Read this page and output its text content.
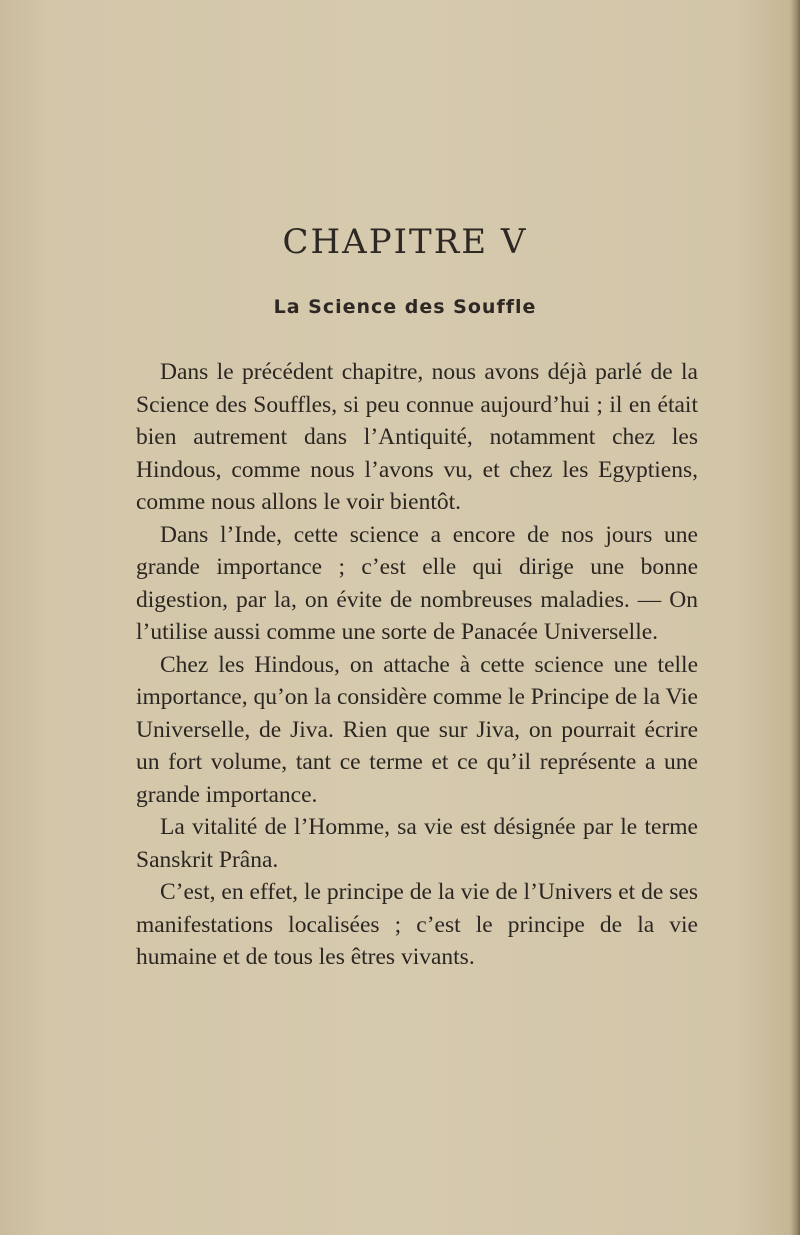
CHAPITRE V
La Science des Souffle

Dans le précédent chapitre, nous avons déjà parlé de la Science des Souffles, si peu connue aujourd’hui ; il en était bien autrement dans l’Antiquité, notamment chez les Hindous, comme nous l’avons vu, et chez les Egyptiens, comme nous allons le voir bientôt.

Dans l’Inde, cette science a encore de nos jours une grande importance ; c’est elle qui dirige une bonne digestion, par la, on évite de nombreuses maladies. — On l’utilise aussi comme une sorte de Panacée Universelle.

Chez les Hindous, on attache à cette science une telle importance, qu’on la considère comme le Principe de la Vie Universelle, de Jiva. Rien que sur Jiva, on pourrait écrire un fort volume, tant ce terme et ce qu’il représente a une grande importance.

La vitalité de l’Homme, sa vie est désignée par le terme Sanskrit Prâna.

C’est, en effet, le principe de la vie de l’Univers et de ses manifestations localisées ; c’est le principe de la vie humaine et de tous les êtres vivants.
